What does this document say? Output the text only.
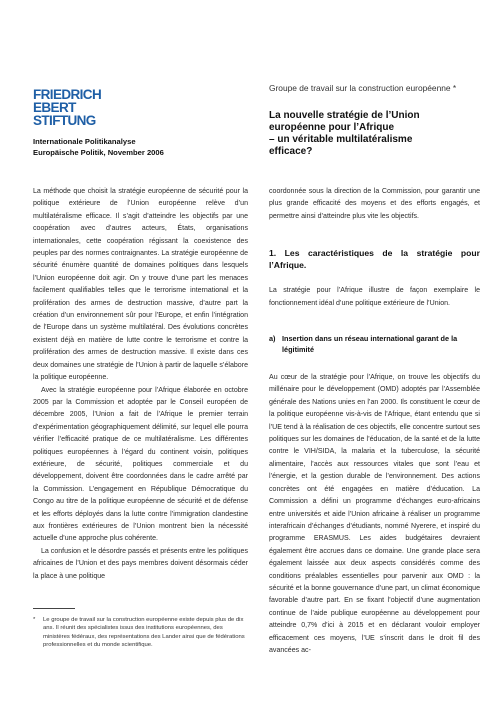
FRIEDRICH
EBERT
STIFTUNG
Internationale Politikanalyse
Europäische Politik, November 2006
Groupe de travail sur la construction européenne *
La nouvelle stratégie de l’Union
européenne pour l’Afrique
– un véritable multilatéralisme
efficace?

La méthode que choisit la stratégie européenne de sécurité pour la politique extérieure de l’Union européenne relève d’un multilatéralisme efficace. Il s’agit d’atteindre les objectifs par une coopération avec d’autres acteurs, États, organisations internationales, cette coopération régissant la coexistence des peuples par des normes contraignantes. La stratégie européenne de sécurité énumère quantité de domaines politiques dans lesquels l’Union européenne doit agir. On y trouve d’une part les menaces facilement qualifiables telles que le terrorisme international et la prolifération des armes de destruction massive, d’autre part la création d’un environnement sûr pour l’Europe, et enfin l’intégration de l’Europe dans un système multilatéral. Des évolutions concrètes existent déjà en matière de lutte contre le terrorisme et contre la prolifération des armes de destruction massive. Il existe dans ces deux domaines une stratégie de l’Union à partir de laquelle s’élabore la politique européenne.

Avec la stratégie européenne pour l’Afrique élaborée en octobre 2005 par la Commission et adoptée par le Conseil européen de décembre 2005, l’Union a fait de l’Afrique le premier terrain d’expérimentation géographiquement délimité, sur lequel elle pourra vérifier l’efficacité pratique de ce multilatéralisme. Les différentes politiques européennes à l’égard du continent voisin, politiques extérieure, de sécurité, politiques commerciale et du développement, doivent être coordonnées dans le cadre arrêté par la Commission. L’engagement en République Démocratique du Congo au titre de la politique européenne de sécurité et de défense et les efforts déployés dans la lutte contre l’immigration clandestine aux frontières extérieures de l’Union montrent bien la nécessité actuelle d’une approche plus cohérente.

La confusion et le désordre passés et présents entre les politiques africaines de l’Union et des pays membres doivent désormais céder la place à une politique

*	Le groupe de travail sur la construction européenne existe depuis plus de dix ans. Il réunit des spécialistes issus des institutions européennes, des ministères fédéraux, des représentations des Lander ainsi que de fédérations professionnelles et du monde scientifique.

coordonnée sous la direction de la Commission, pour garantir une plus grande efficacité des moyens et des efforts engagés, et permettre ainsi d’atteindre plus vite les objectifs.

1. Les caractéristiques de la stratégie pour l’Afrique.

La stratégie pour l’Afrique illustre de façon exemplaire le fonctionnement idéal d’une politique extérieure de l’Union.

a) Insertion dans un réseau international garant de la légitimité

Au cœur de la stratégie pour l’Afrique, on trouve les objectifs du millénaire pour le développement (OMD) adoptés par l’Assemblée générale des Nations unies en l’an 2000. Ils constituent le cœur de la politique européenne vis-à-vis de l’Afrique, étant entendu que si l’UE tend à la réalisation de ces objectifs, elle concentre surtout ses politiques sur les domaines de l’éducation, de la santé et de la lutte contre le VIH/SIDA, la malaria et la tuberculose, la sécurité alimentaire, l’accès aux ressources vitales que sont l’eau et l’énergie, et la gestion durable de l’environnement. Des actions concrètes ont été engagées en matière d’éducation. La Commission a défini un programme d’échanges euro-africains entre universités et aide l’Union africaine à réaliser un programme interafricain d’échanges d’étudiants, nommé Nyerere, et inspiré du programme ERASMUS. Les aides budgétaires devraient également être accrues dans ce domaine. Une grande place sera également laissée aux deux aspects considérés comme des conditions préalables essentielles pour parvenir aux OMD : la sécurité et la bonne gouvernance d’une part, un climat économique favorable d’autre part. En se fixant l’objectif d’une augmentation continue de l’aide publique européenne au développement pour atteindre 0,7% d’ici à 2015 et en déclarant vouloir employer efficacement ces moyens, l’UE s’inscrit dans le droit fil des avancées ac-
